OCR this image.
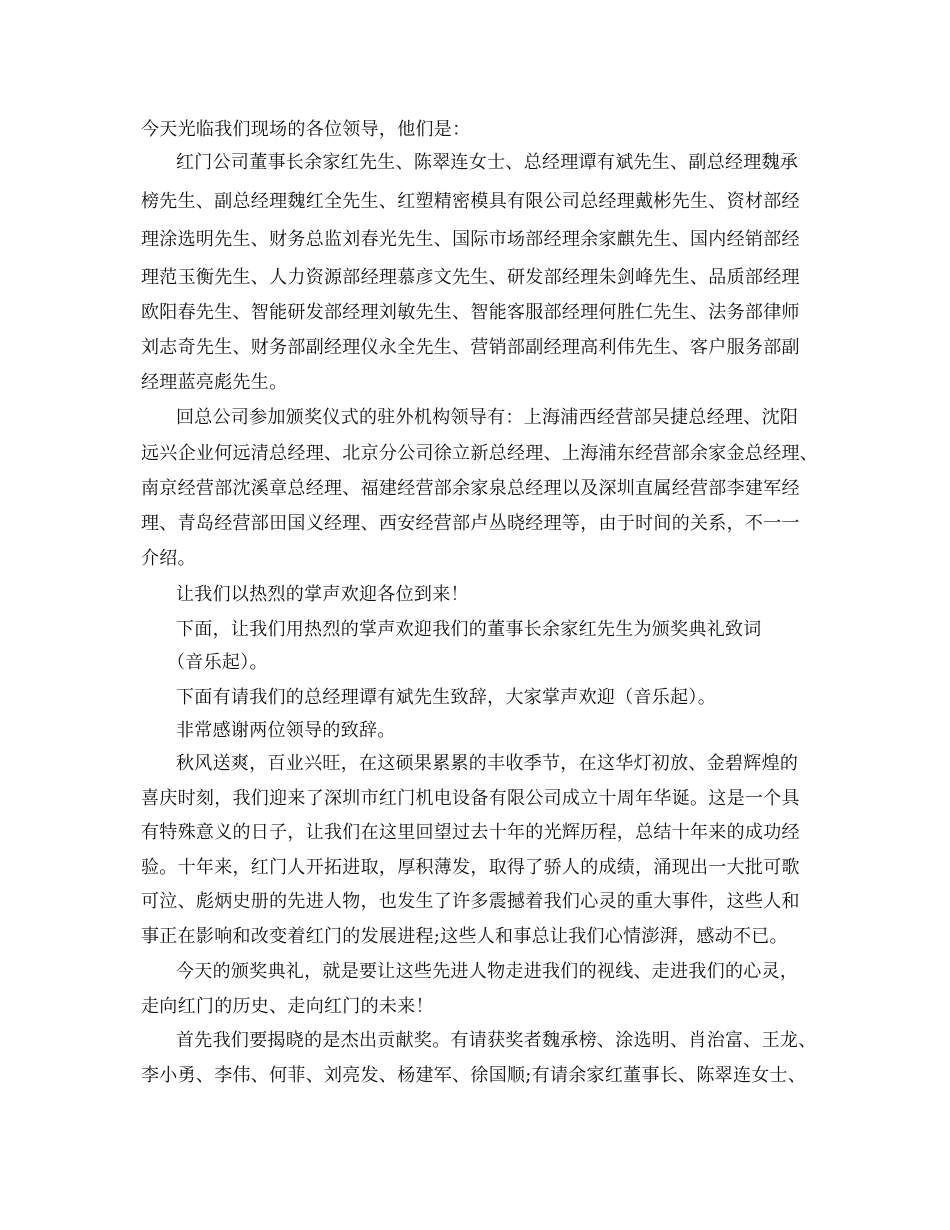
今天光临我们现场的各位领导，他们是：
红门公司董事长余家红先生、陈翠连女士、总经理谭有斌先生、副总经理魏承
榜先生、副总经理魏红全先生、红塑精密模具有限公司总经理戴彬先生、资材部经
理涂选明先生、财务总监刘春光先生、国际市场部经理余家麒先生、国内经销部经
理范玉衡先生、人力资源部经理慕彦文先生、研发部经理朱剑峰先生、品质部经理
欧阳春先生、智能研发部经理刘敏先生、智能客服部经理何胜仁先生、法务部律师
刘志奇先生、财务部副经理仪永全先生、营销部副经理高利伟先生、客户服务部副
经理蓝亮彪先生。
回总公司参加颁奖仪式的驻外机构领导有：上海浦西经营部吴捷总经理、沈阳
远兴企业何远清总经理、北京分公司徐立新总经理、上海浦东经营部余家金总经理、
南京经营部沈溪章总经理、福建经营部余家泉总经理以及深圳直属经营部李建军经
理、青岛经营部田国义经理、西安经营部卢丛晓经理等，由于时间的关系，不一一
介绍。
让我们以热烈的掌声欢迎各位到来！
下面，让我们用热烈的掌声欢迎我们的董事长余家红先生为颁奖典礼致词
（音乐起）。
下面有请我们的总经理谭有斌先生致辞，大家掌声欢迎（音乐起）。
非常感谢两位领导的致辞。
秋风送爽，百业兴旺，在这硕果累累的丰收季节，在这华灯初放、金碧辉煌的
喜庆时刻，我们迎来了深圳市红门机电设备有限公司成立十周年华诞。这是一个具
有特殊意义的日子，让我们在这里回望过去十年的光辉历程，总结十年来的成功经
验。十年来，红门人开拓进取，厚积薄发，取得了骄人的成绩，涌现出一大批可歌
可泣、彪炳史册的先进人物，也发生了许多震撼着我们心灵的重大事件，这些人和
事正在影响和改变着红门的发展进程;这些人和事总让我们心情澎湃，感动不已。
今天的颁奖典礼，就是要让这些先进人物走进我们的视线、走进我们的心灵，
走向红门的历史、走向红门的未来！
首先我们要揭晓的是杰出贡献奖。有请获奖者魏承榜、涂选明、肖治富、王龙、
李小勇、李伟、何菲、刘亮发、杨建军、徐国顺;有请余家红董事长、陈翠连女士、
